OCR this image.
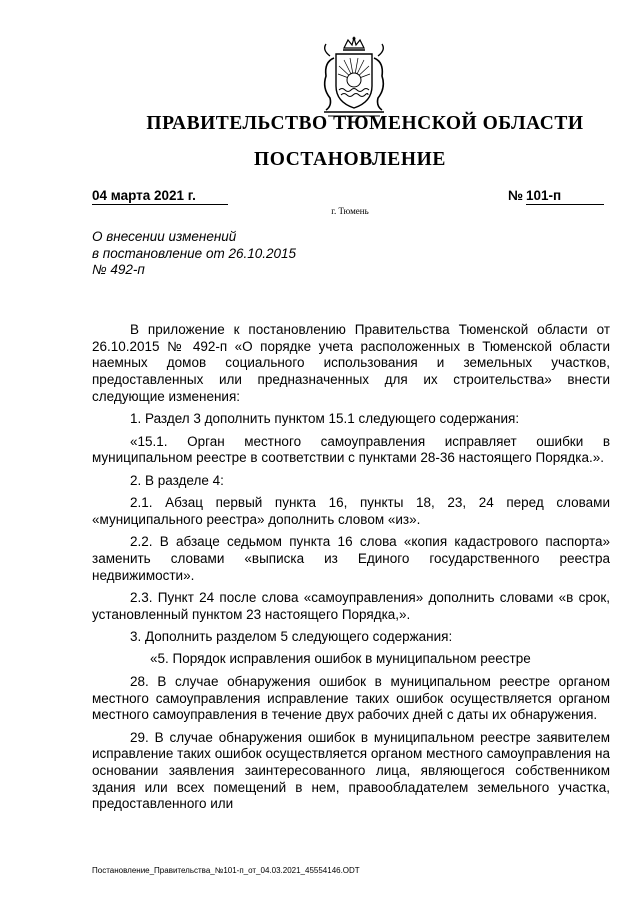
ПРАВИТЕЛЬСТВО ТЮМЕНСКОЙ ОБЛАСТИ
ПОСТАНОВЛЕНИЕ
04 марта 2021 г.	№ 101-п
г. Тюмень
О внесении изменений
в постановление от 26.10.2015
№ 492-п

В приложение к постановлению Правительства Тюменской области от 26.10.2015 № 492-п «О порядке учета расположенных в Тюменской области наемных домов социального использования и земельных участков, предоставленных или предназначенных для их строительства» внести следующие изменения:

1. Раздел 3 дополнить пунктом 15.1 следующего содержания:

«15.1. Орган местного самоуправления исправляет ошибки в муниципальном реестре в соответствии с пунктами 28-36 настоящего Порядка.».

2. В разделе 4:

2.1. Абзац первый пункта 16, пункты 18, 23, 24 перед словами «муниципального реестра» дополнить словом «из».

2.2. В абзаце седьмом пункта 16 слова «копия кадастрового паспорта» заменить словами «выписка из Единого государственного реестра недвижимости».

2.3. Пункт 24 после слова «самоуправления» дополнить словами «в срок, установленный пунктом 23 настоящего Порядка,».

3. Дополнить разделом 5 следующего содержания:

«5. Порядок исправления ошибок в муниципальном реестре

28. В случае обнаружения ошибок в муниципальном реестре органом местного самоуправления исправление таких ошибок осуществляется органом местного самоуправления в течение двух рабочих дней с даты их обнаружения.

29. В случае обнаружения ошибок в муниципальном реестре заявителем исправление таких ошибок осуществляется органом местного самоуправления на основании заявления заинтересованного лица, являющегося собственником здания или всех помещений в нем, правообладателем земельного участка, предоставленного или

Постановление_Правительства_№101-п_от_04.03.2021_45554146.ODT
